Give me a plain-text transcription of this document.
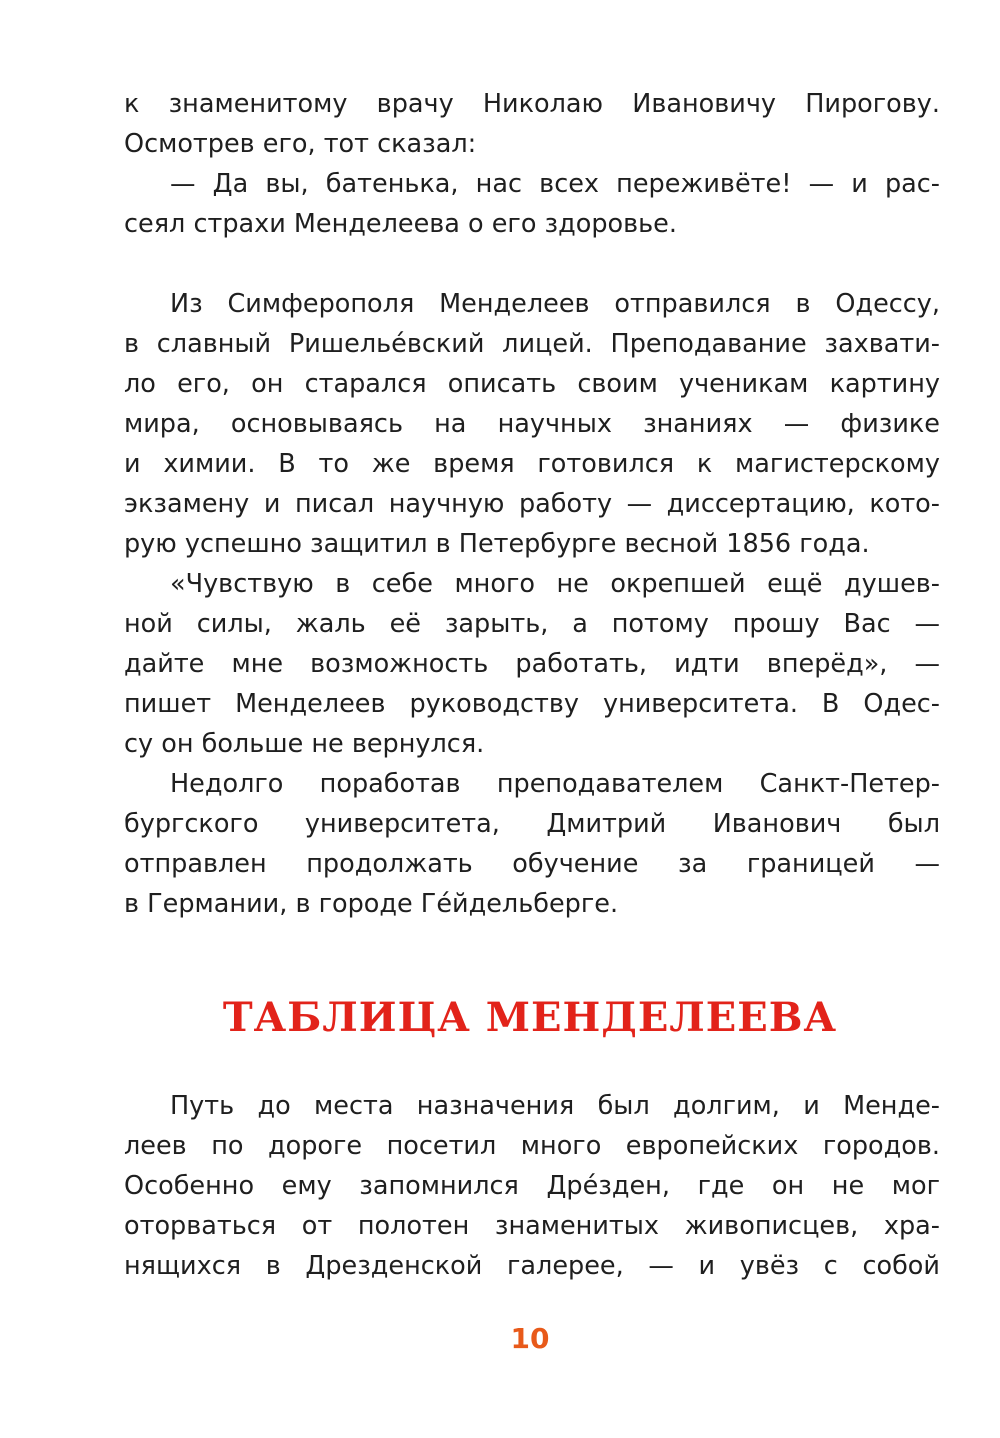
к знаменитому врачу Николаю Ивановичу Пирогову.
Осмотрев его, тот сказал:
— Да вы, батенька, нас всех переживёте! — и рас-
сеял страхи Менделеева о его здоровье.
Из Симферополя Менделеев отправился в Одессу,
в славный Ришелье́вский лицей. Преподавание захвати-
ло его, он старался описать своим ученикам картину
мира, основываясь на научных знаниях — физике
и химии. В то же время готовился к магистерскому
экзамену и писал научную работу — диссертацию, кото-
рую успешно защитил в Петербурге весной 1856 года.
«Чувствую в себе много не окрепшей ещё душев-
ной силы, жаль её зарыть, а потому прошу Вас —
дайте мне возможность работать, идти вперёд», —
пишет Менделеев руководству университета. В Одес-
су он больше не вернулся.
Недолго поработав преподавателем Санкт-Петер-
бургского университета, Дмитрий Иванович был
отправлен продолжать обучение за границей —
в Германии, в городе Ге́йдельберге.
ТАБЛИЦА МЕНДЕЛЕЕВА
Путь до места назначения был долгим, и Менде-
леев по дороге посетил много европейских городов.
Особенно ему запомнился Дре́зден, где он не мог
оторваться от полотен знаменитых живописцев, хра-
нящихся в Дрезденской галерее, — и увёз с собой
10
